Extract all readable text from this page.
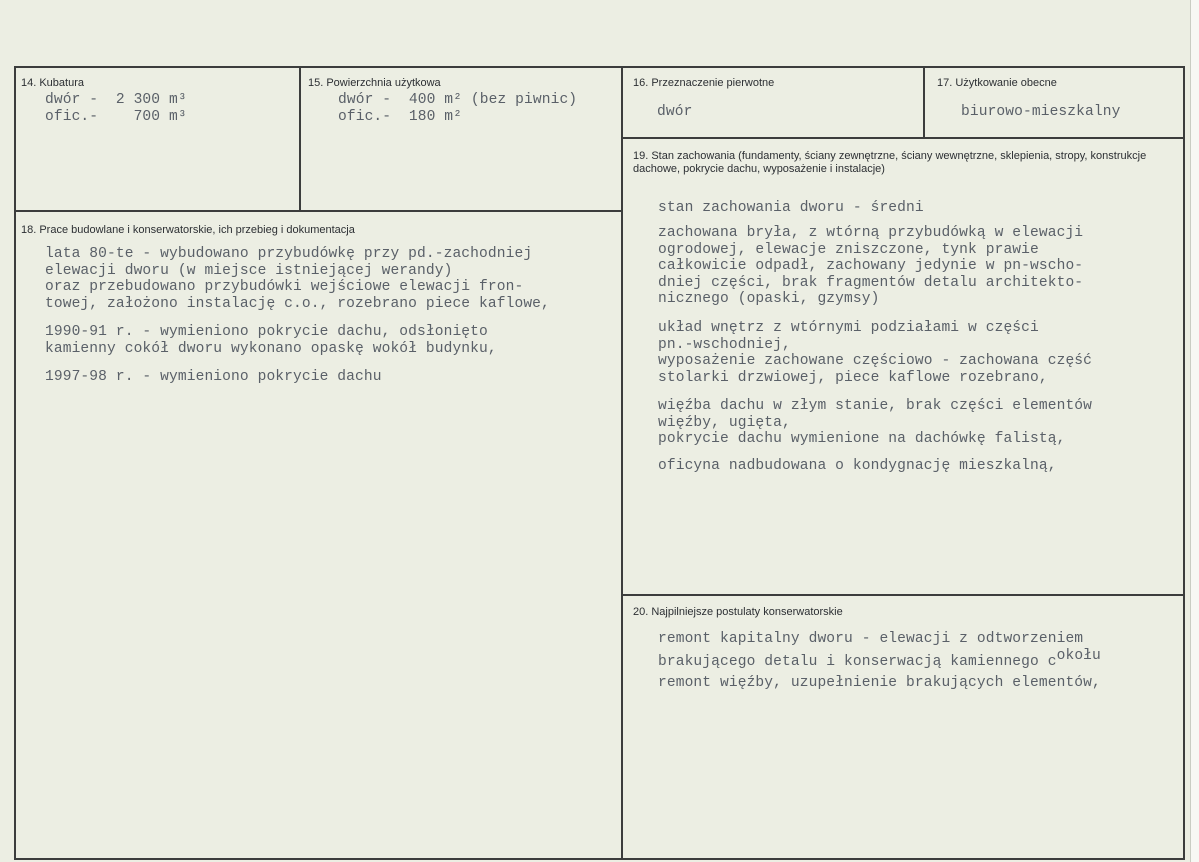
14. Kubatura
dwór -  2 300 m³
ofic.-    700 m³
15. Powierzchnia użytkowa
dwór -  400 m² (bez piwnic)
ofic.-  180 m²
16. Przeznaczenie pierwotne
dwór
17. Użytkowanie obecne
biurowo-mieszkalny
19. Stan zachowania (fundamenty, ściany zewnętrzne, ściany wewnętrzne, sklepienia, stropy, konstrukcje dachowe, pokrycie dachu, wyposażenie i instalacje)
stan zachowania dworu - średni
zachowana bryła, z wtórną przybudówką w elewacji
ogrodowej, elewacje zniszczone, tynk prawie
całkowicie odpadł, zachowany jedynie w pn-wscho-
dniej części, brak fragmentów detalu architekto-
nicznego (opaski, gzymsy)
układ wnętrz z wtórnymi podziałami w części
pn.-wschodniej,
wyposażenie zachowane częściowo - zachowana część
stolarki drzwiowej, piece kaflowe rozebrano,
więźba dachu w złym stanie, brak części elementów
więźby, ugięta,
pokrycie dachu wymienione na dachówkę falistą,
oficyna nadbudowana o kondygnację mieszkalną,
18. Prace budowlane i konserwatorskie, ich przebieg i dokumentacja
lata 80-te - wybudowano przybudówkę przy pd.-zachodniej
elewacji dworu (w miejsce istniejącej werandy)
oraz przebudowano przybudówki wejściowe elewacji fron-
towej, założono instalację c.o., rozebrano piece kaflowe,
1990-91 r. - wymieniono pokrycie dachu, odsłonięto
kamienny cokół dworu wykonano opaskę wokół budynku,
1997-98 r. - wymieniono pokrycie dachu
20. Najpilniejsze postulaty konserwatorskie
remont kapitalny dworu - elewacji z odtworzeniem
brakującego detalu i konserwacją kamiennego cokołu
remont więźby, uzupełnienie brakujących elementów,
